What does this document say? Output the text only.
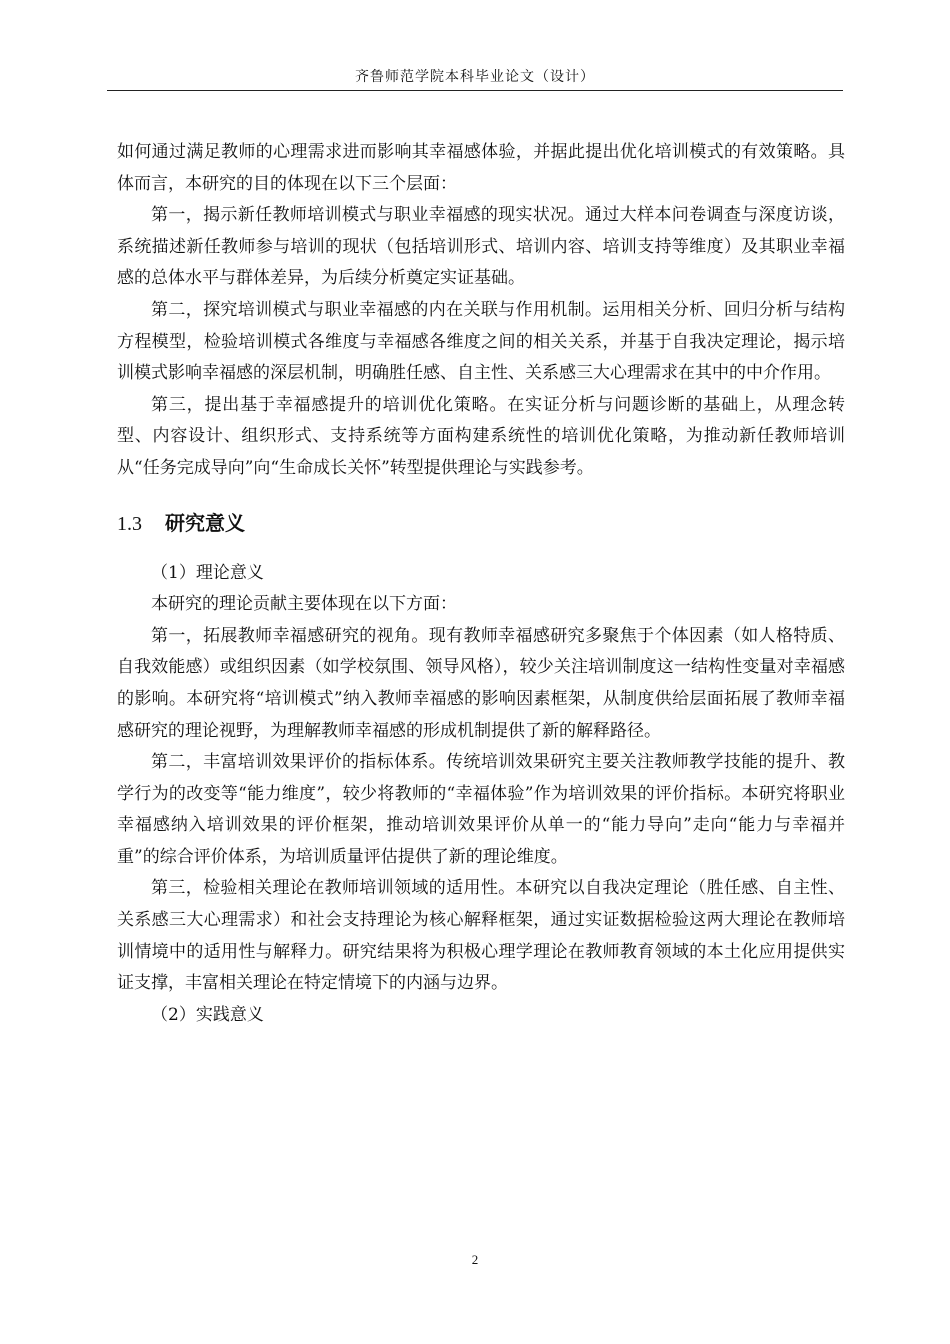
齐鲁师范学院本科毕业论文（设计）

如何通过满足教师的心理需求进而影响其幸福感体验，并据此提出优化培训模式的有效策略。具体而言，本研究的目的体现在以下三个层面：

第一，揭示新任教师培训模式与职业幸福感的现实状况。通过大样本问卷调查与深度访谈，系统描述新任教师参与培训的现状（包括培训形式、培训内容、培训支持等维度）及其职业幸福感的总体水平与群体差异，为后续分析奠定实证基础。

第二，探究培训模式与职业幸福感的内在关联与作用机制。运用相关分析、回归分析与结构方程模型，检验培训模式各维度与幸福感各维度之间的相关关系，并基于自我决定理论，揭示培训模式影响幸福感的深层机制，明确胜任感、自主性、关系感三大心理需求在其中的中介作用。

第三，提出基于幸福感提升的培训优化策略。在实证分析与问题诊断的基础上，从理念转型、内容设计、组织形式、支持系统等方面构建系统性的培训优化策略，为推动新任教师培训从“任务完成导向”向“生命成长关怀”转型提供理论与实践参考。

1.3 研究意义

（1）理论意义

本研究的理论贡献主要体现在以下方面：

第一，拓展教师幸福感研究的视角。现有教师幸福感研究多聚焦于个体因素（如人格特质、自我效能感）或组织因素（如学校氛围、领导风格），较少关注培训制度这一结构性变量对幸福感的影响。本研究将“培训模式”纳入教师幸福感的影响因素框架，从制度供给层面拓展了教师幸福感研究的理论视野，为理解教师幸福感的形成机制提供了新的解释路径。

第二，丰富培训效果评价的指标体系。传统培训效果研究主要关注教师教学技能的提升、教学行为的改变等“能力维度”，较少将教师的“幸福体验”作为培训效果的评价指标。本研究将职业幸福感纳入培训效果的评价框架，推动培训效果评价从单一的“能力导向”走向“能力与幸福并重”的综合评价体系，为培训质量评估提供了新的理论维度。

第三，检验相关理论在教师培训领域的适用性。本研究以自我决定理论（胜任感、自主性、关系感三大心理需求）和社会支持理论为核心解释框架，通过实证数据检验这两大理论在教师培训情境中的适用性与解释力。研究结果将为积极心理学理论在教师教育领域的本土化应用提供实证支撑，丰富相关理论在特定情境下的内涵与边界。

（2）实践意义

2
